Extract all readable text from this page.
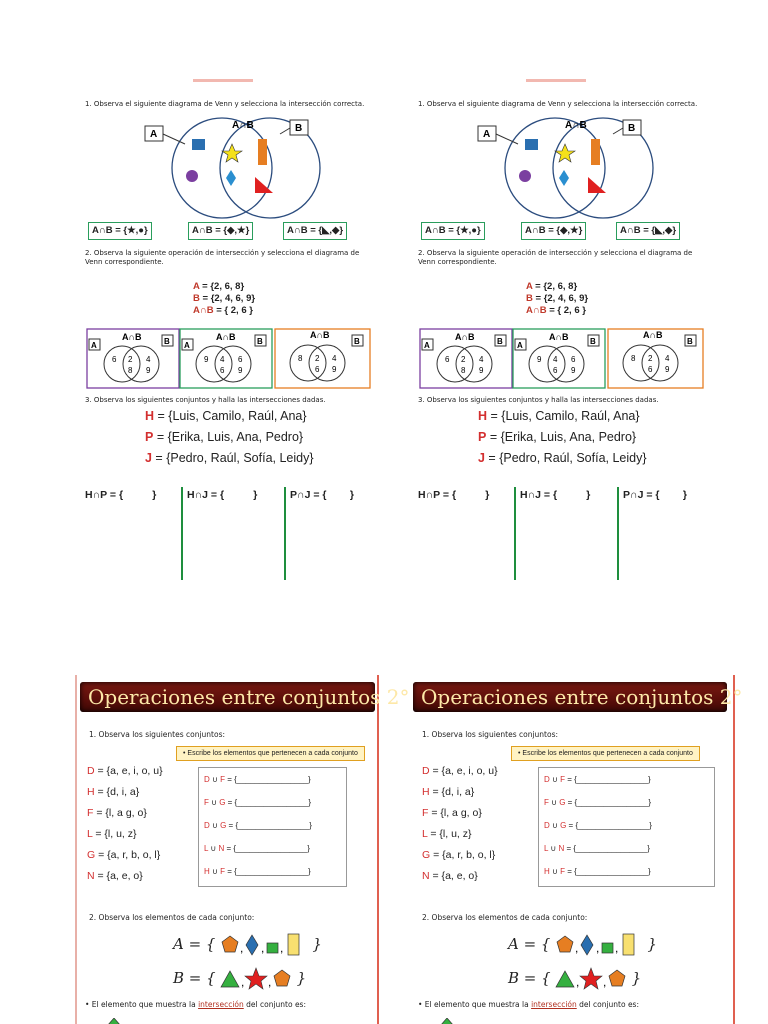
1. Observa el siguiente diagrama de Venn y selecciona la intersección correcta.
A∩B
A
B
A∩B = {★,●}	A∩B = {◆,★}	A∩B = {◣,◆}
2. Observa la siguiente operación de intersección y selecciona el diagrama de Venn correspondiente.
A = {2, 6, 8}
B = {2, 4, 6, 9}
A∩B = { 2, 6 }
A	B
A∩B
6 2
8
4
9
A	B
A∩B
9 4
6
6
9
B
A∩B
8 2
6
4
9
3. Observa los siguientes conjuntos y halla las intersecciones dadas.
H = {Luis, Camilo, Raúl, Ana}
P = {Erika, Luis, Ana, Pedro}
J = {Pedro, Raúl, Sofía, Leidy}
H∩P = {          }	H∩J = {          }	P∩J = {        }
1. Observa el siguiente diagrama de Venn y selecciona la intersección correcta.
A∩B
A
B
A∩B = {★,●}	A∩B = {◆,★}	A∩B = {◣,◆}
2. Observa la siguiente operación de intersección y selecciona el diagrama de Venn correspondiente.
A = {2, 6, 8}
B = {2, 4, 6, 9}
A∩B = { 2, 6 }
A	B
A∩B
6 2
8
4
9
A	B
A∩B
9 4
6
6
9
B
A∩B
8 2
6
4
9
3. Observa los siguientes conjuntos y halla las intersecciones dadas.
H = {Luis, Camilo, Raúl, Ana}
P = {Erika, Luis, Ana, Pedro}
J = {Pedro, Raúl, Sofía, Leidy}
H∩P = {          }	H∩J = {          }	P∩J = {        }
Operaciones entre conjuntos 2°
1. Observa los siguientes conjuntos:
• Escribe los elementos que pertenecen a cada conjunto
D = {a, e, i, o, u}
H = {d, i, a}
F = {l, a g, o}
L = {l, u, z}
G = {a, r, b, o, l}
N = {a, e, o}
D ∪ F = {________________}
F ∪ G = {________________}
D ∪ G = {________________}
L ∪ N = {________________}
H ∪ F = {________________}
2. Observa los elementos de cada conjunto:
A = { , , , }
B = { , , }
• El elemento que muestra la intersección del conjunto es:
Operaciones entre conjuntos 2°
1. Observa los siguientes conjuntos:
• Escribe los elementos que pertenecen a cada conjunto
D = {a, e, i, o, u}
H = {d, i, a}
F = {l, a g, o}
L = {l, u, z}
G = {a, r, b, o, l}
N = {a, e, o}
D ∪ F = {________________}
F ∪ G = {________________}
D ∪ G = {________________}
L ∪ N = {________________}
H ∪ F = {________________}
2. Observa los elementos de cada conjunto:
A = { , , , }
B = { , , }
• El elemento que muestra la intersección del conjunto es:
